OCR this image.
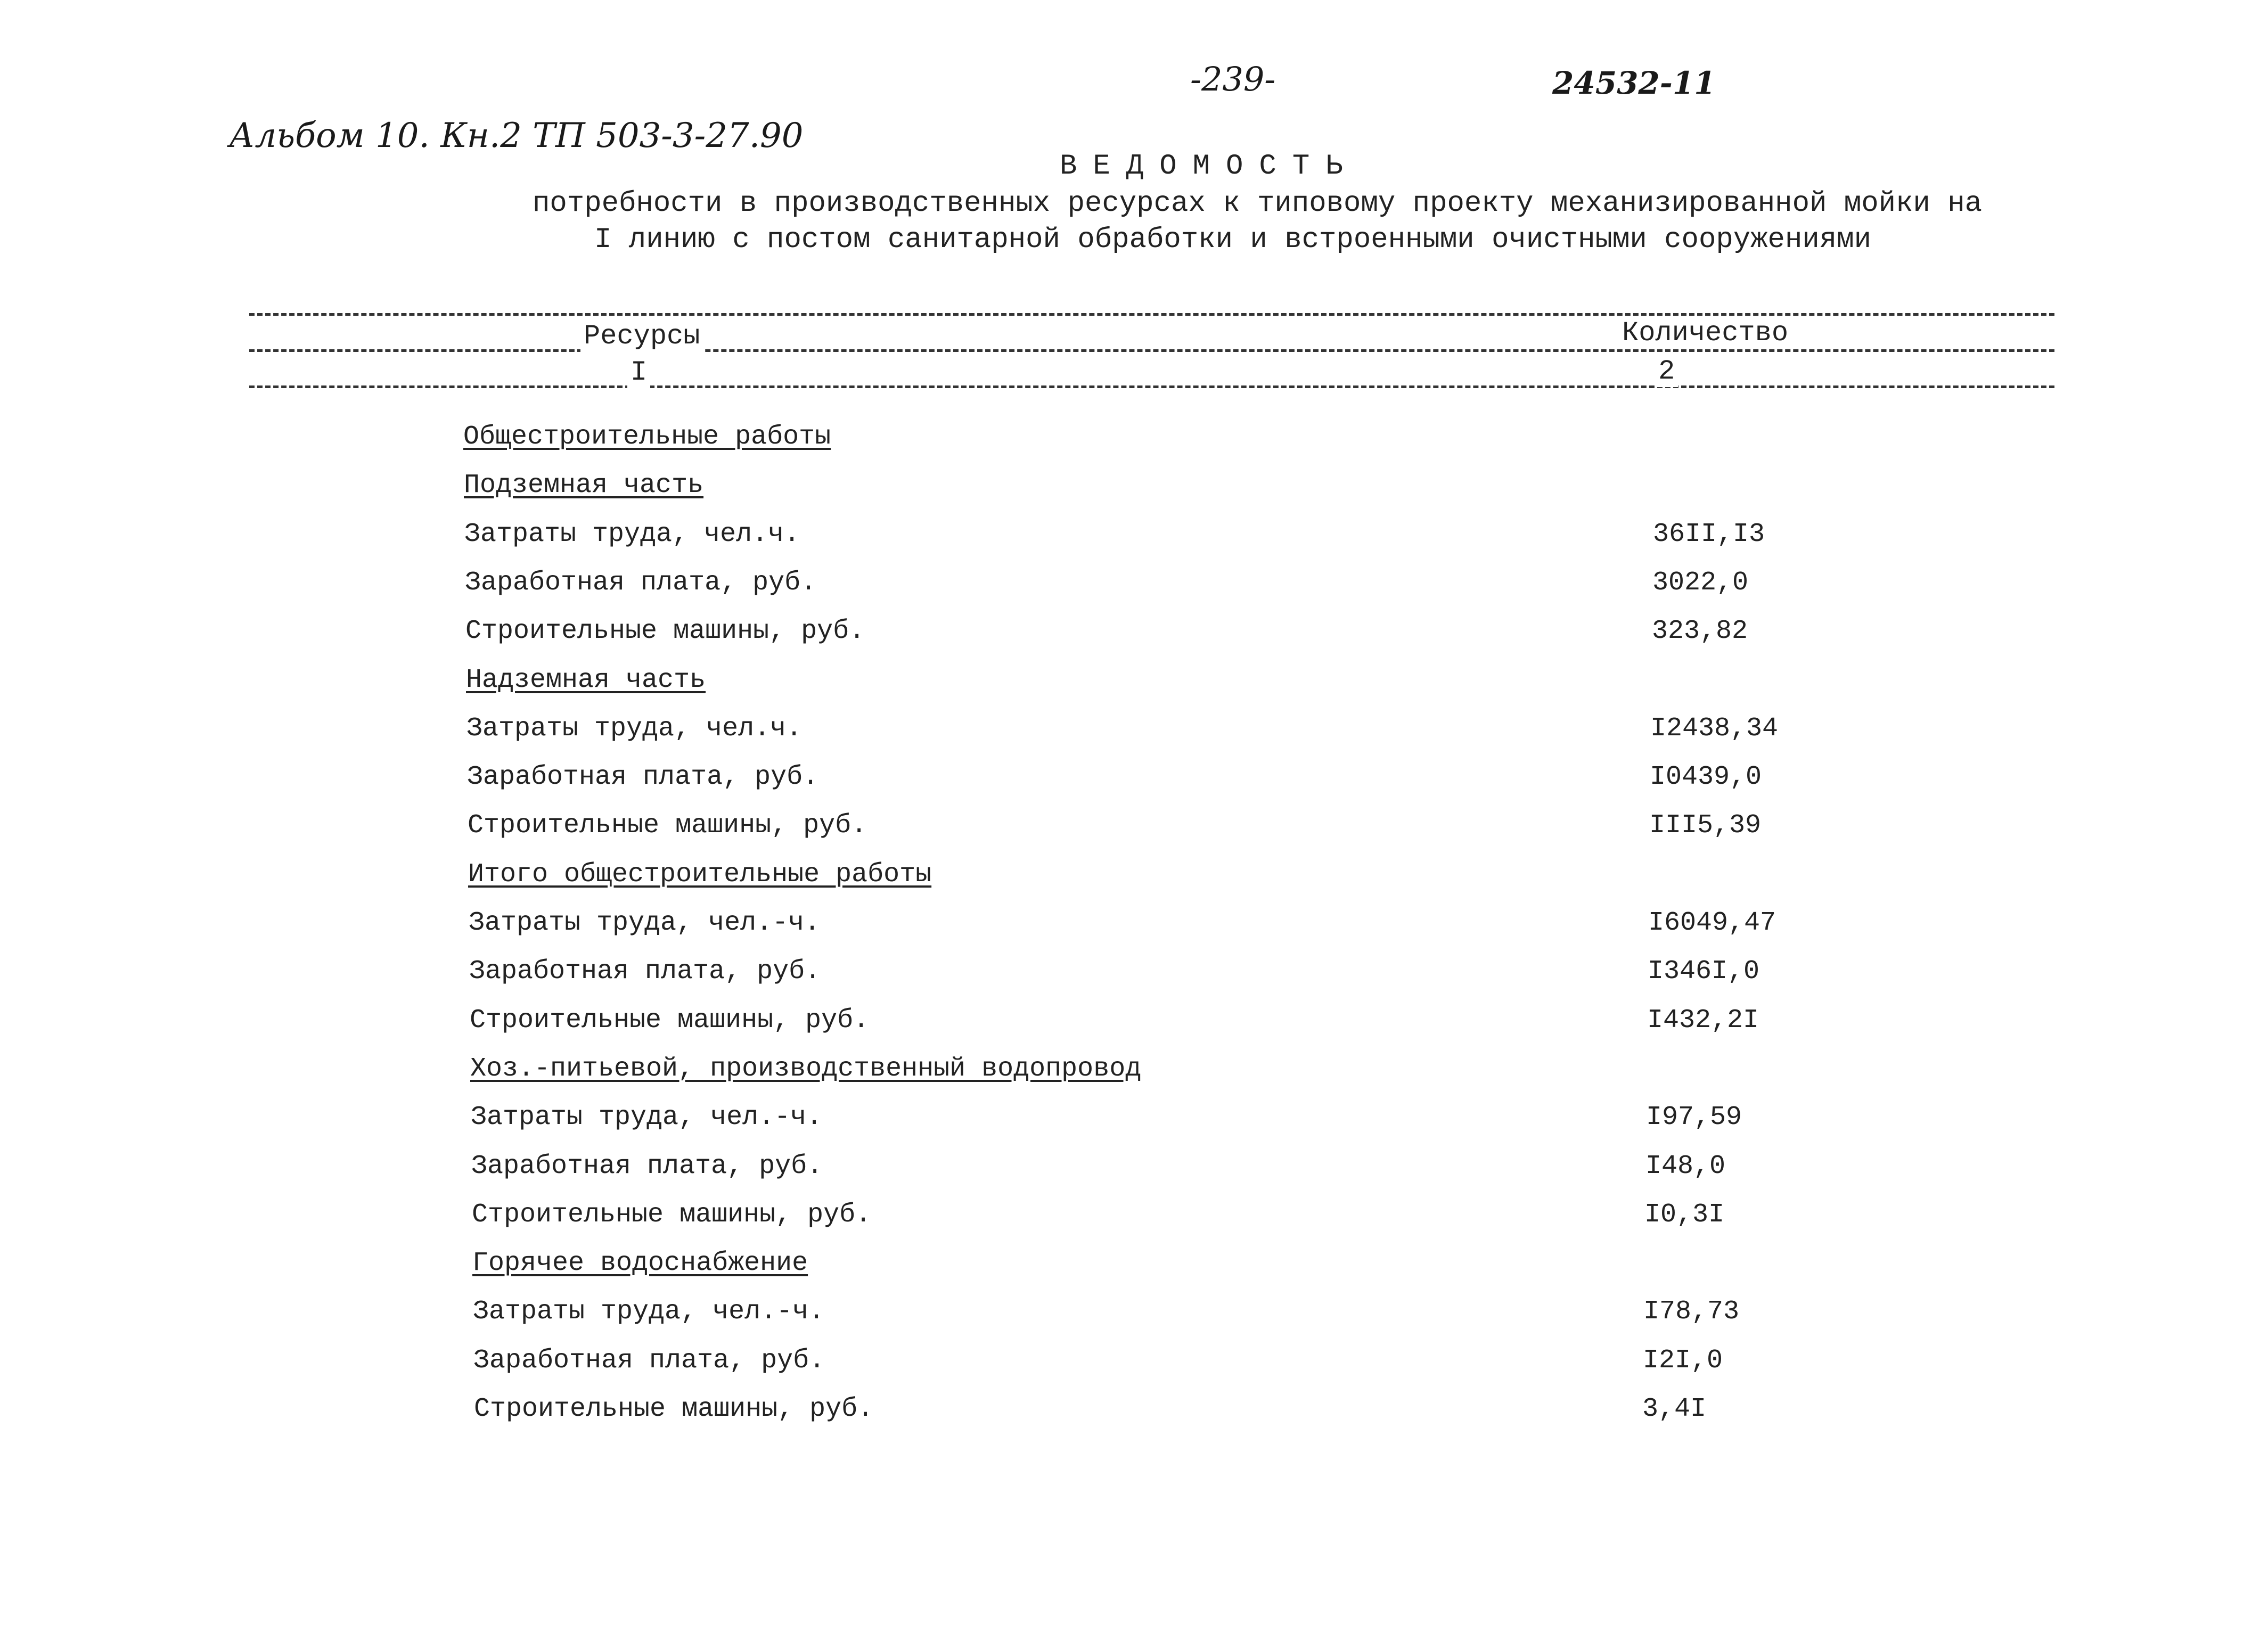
-239-	24532-11
Альбом 10. Кн.2 ТП 503-3-27.90
ВЕДОМОСТЬ
потребности в производственных ресурсах к типовому проекту механизированной мойки на
I линию с постом санитарной обработки и встроенными очистными сооружениями
Ресурсы	Количество
I	2
Общестроительные работы
Подземная часть
Затраты труда, чел.ч.	36II,I3
Заработная плата, руб.	3022,0
Строительные машины, руб.	323,82
Надземная часть
Затраты труда, чел.ч.	I2438,34
Заработная плата, руб.	I0439,0
Строительные машины, руб.	III5,39
Итого общестроительные работы
Затраты труда, чел.-ч.	I6049,47
Заработная плата, руб.	I346I,0
Строительные машины, руб.	I432,2I
Хоз.-питьевой, производственный водопровод
Затраты труда, чел.-ч.	I97,59
Заработная плата, руб.	I48,0
Строительные машины, руб.	I0,3I
Горячее водоснабжение
Затраты труда, чел.-ч.	I78,73
Заработная плата, руб.	I2I,0
Строительные машины, руб.	3,4I
